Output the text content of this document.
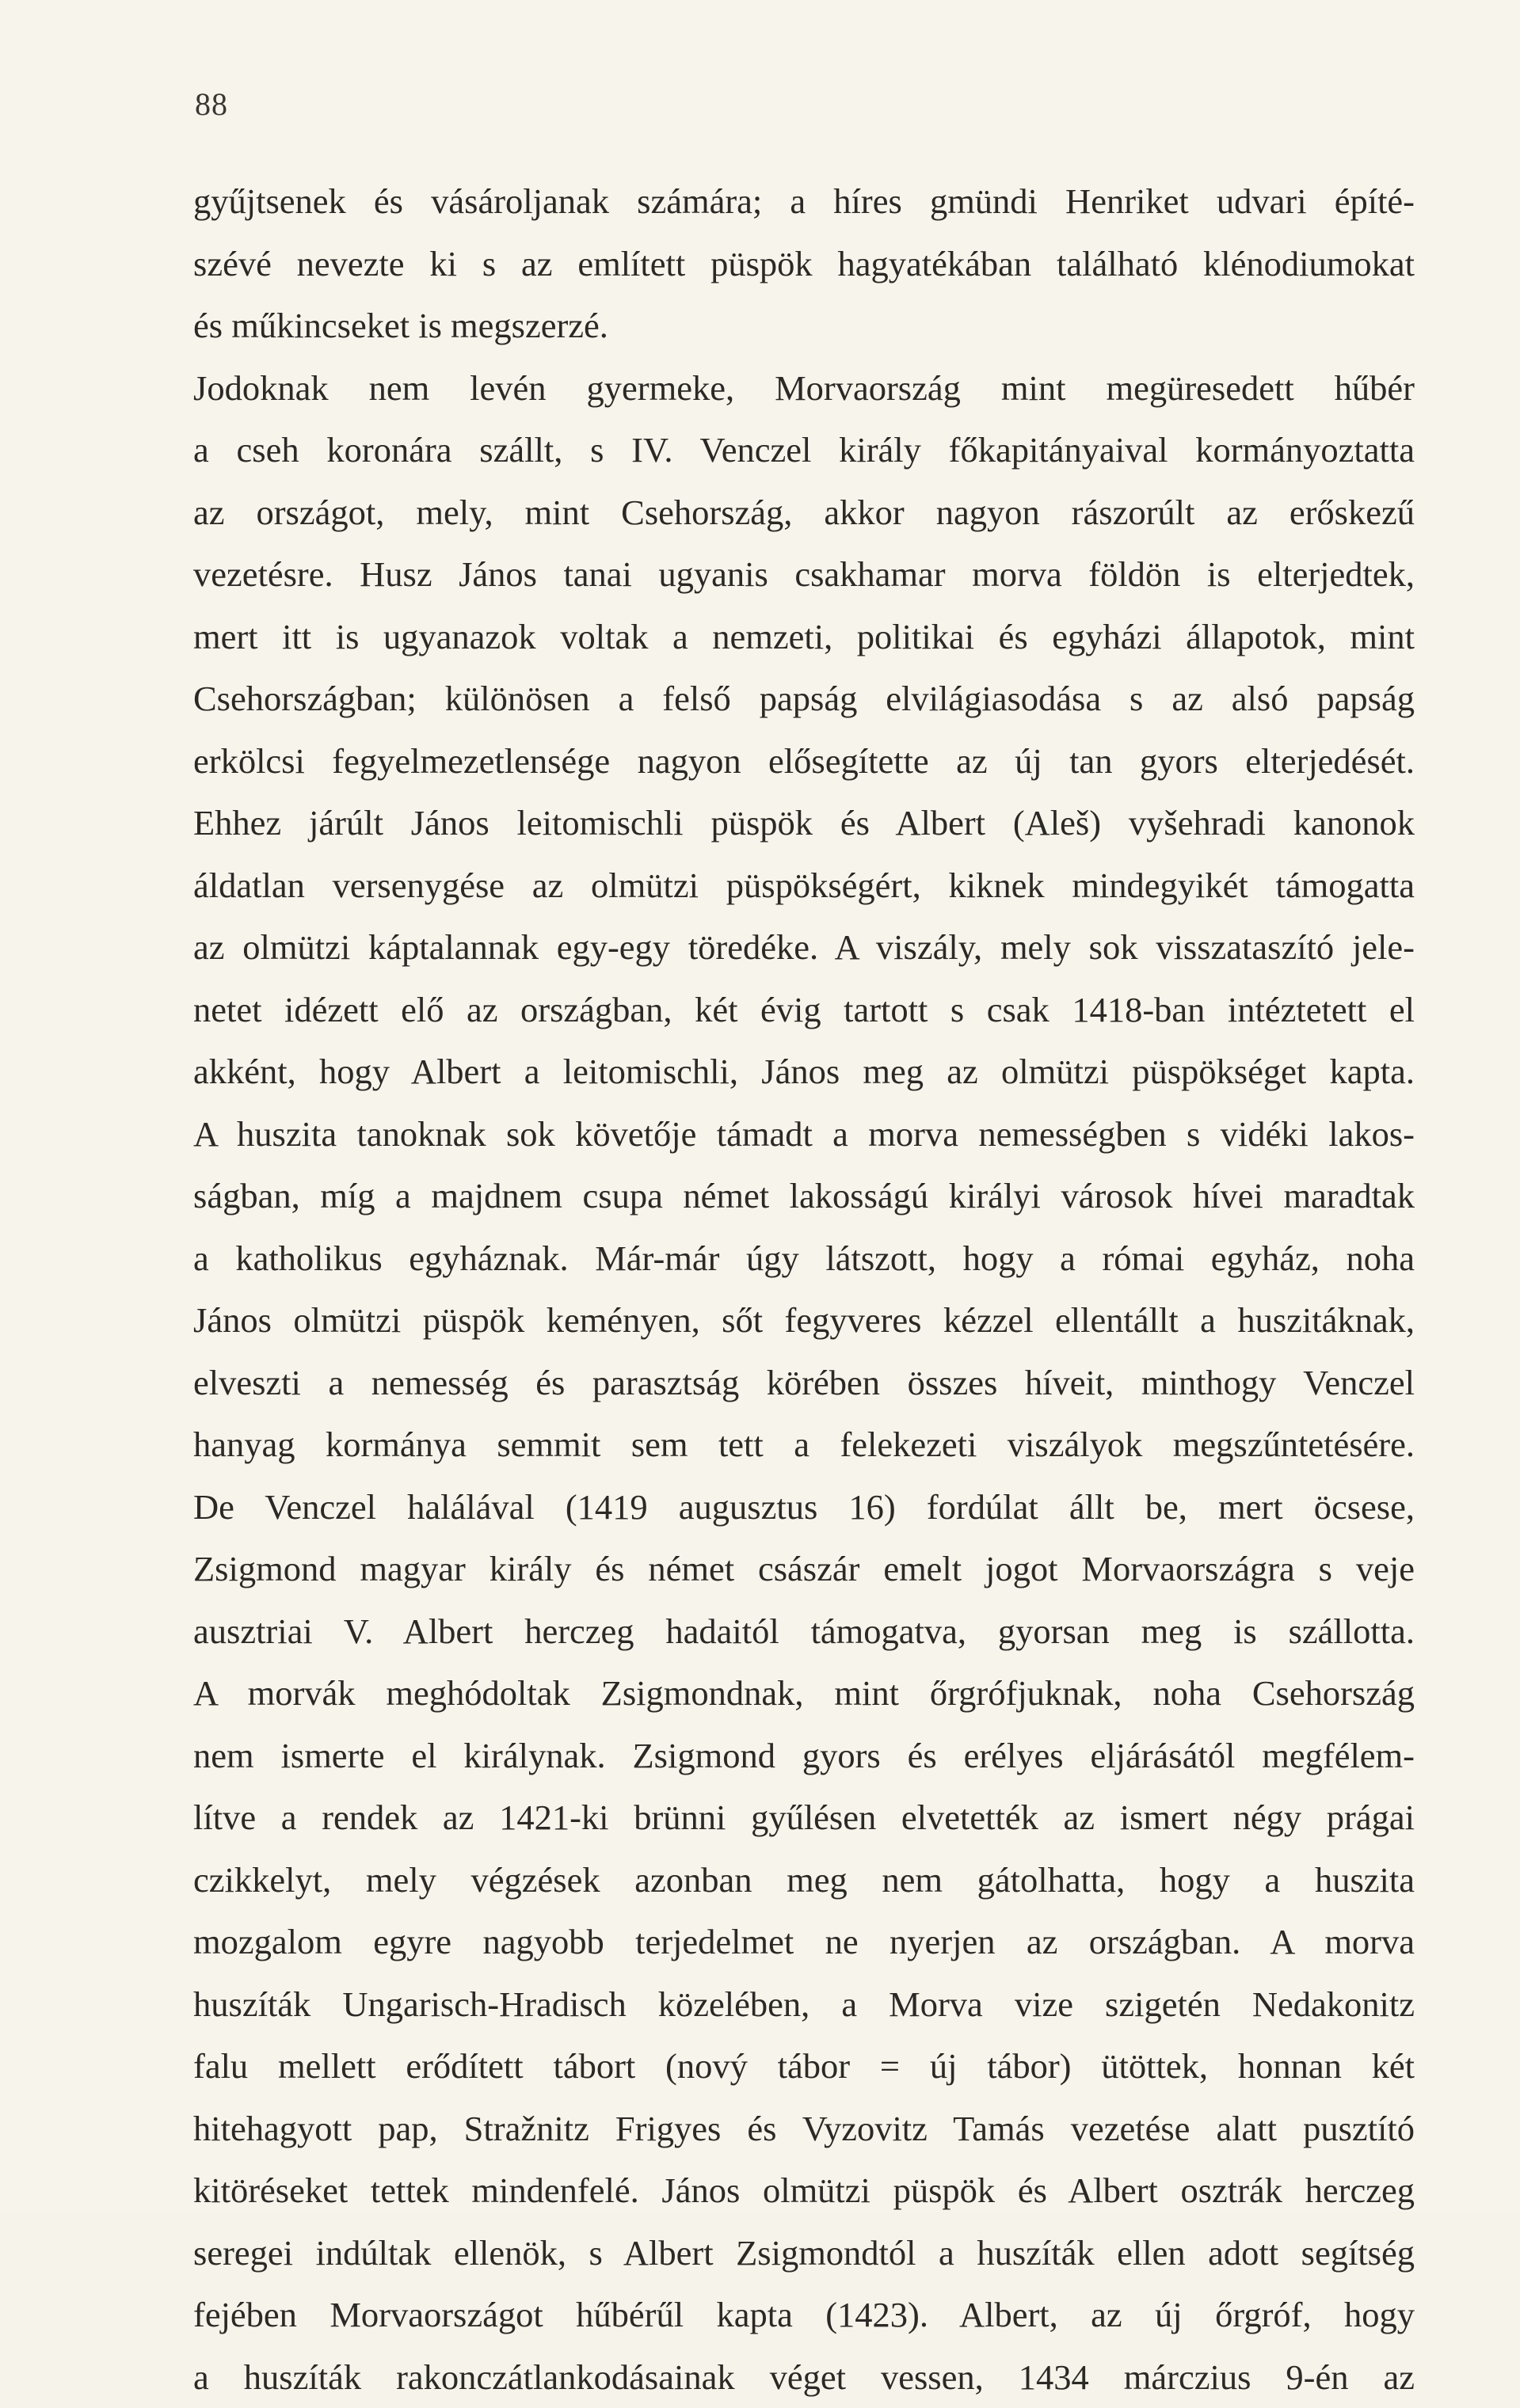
88
gyűjtsenek és vásároljanak számára; a híres gmündi Henriket udvari építé-
szévé nevezte ki s az említett püspök hagyatékában található klénodiumokat
és műkincseket is megszerzé.
Jodoknak nem levén gyermeke, Morvaország mint megüresedett hűbér
a cseh koronára szállt, s IV. Venczel király főkapitányaival kormányoztatta
az országot, mely, mint Csehország, akkor nagyon rászorúlt az erőskezű
vezetésre. Husz János tanai ugyanis csakhamar morva földön is elterjedtek,
mert itt is ugyanazok voltak a nemzeti, politikai és egyházi állapotok, mint
Csehországban; különösen a felső papság elvilágiasodása s az alsó papság
erkölcsi fegyelmezetlensége nagyon elősegítette az új tan gyors elterjedését.
Ehhez járúlt János leitomischli püspök és Albert (Aleš) vyšehradi kanonok
áldatlan versenygése az olmützi püspökségért, kiknek mindegyikét támogatta
az olmützi káptalannak egy-egy töredéke. A viszály, mely sok visszataszító jele-
netet idézett elő az országban, két évig tartott s csak 1418-ban intéztetett el
akként, hogy Albert a leitomischli, János meg az olmützi püspökséget kapta.
A huszita tanoknak sok követője támadt a morva nemességben s vidéki lakos-
ságban, míg a majdnem csupa német lakosságú királyi városok hívei maradtak
a katholikus egyháznak. Már-már úgy látszott, hogy a római egyház, noha
János olmützi püspök keményen, sőt fegyveres kézzel ellentállt a huszitáknak,
elveszti a nemesség és parasztság körében összes híveit, minthogy Venczel
hanyag kormánya semmit sem tett a felekezeti viszályok megszűntetésére.
De Venczel halálával (1419 augusztus 16) fordúlat állt be, mert öcsese,
Zsigmond magyar király és német császár emelt jogot Morvaországra s veje
ausztriai V. Albert herczeg hadaitól támogatva, gyorsan meg is szállotta.
A morvák meghódoltak Zsigmondnak, mint őrgrófjuknak, noha Csehország
nem ismerte el királynak. Zsigmond gyors és erélyes eljárásától megfélem-
lítve a rendek az 1421-ki brünni gyűlésen elvetették az ismert négy prágai
czikkelyt, mely végzések azonban meg nem gátolhatta, hogy a huszita
mozgalom egyre nagyobb terjedelmet ne nyerjen az országban. A morva
huszíták Ungarisch-Hradisch közelében, a Morva vize szigetén Nedakonitz
falu mellett erődített tábort (nový tábor = új tábor) ütöttek, honnan két
hitehagyott pap, Stražnitz Frigyes és Vyzovitz Tamás vezetése alatt pusztító
kitöréseket tettek mindenfelé. János olmützi püspök és Albert osztrák herczeg
seregei indúltak ellenök, s Albert Zsigmondtól a huszíták ellen adott segítség
fejében Morvaországot hűbérűl kapta (1423). Albert, az új őrgróf, hogy
a huszíták rakonczátlankodásainak véget vessen, 1434 márczius 9-én az
